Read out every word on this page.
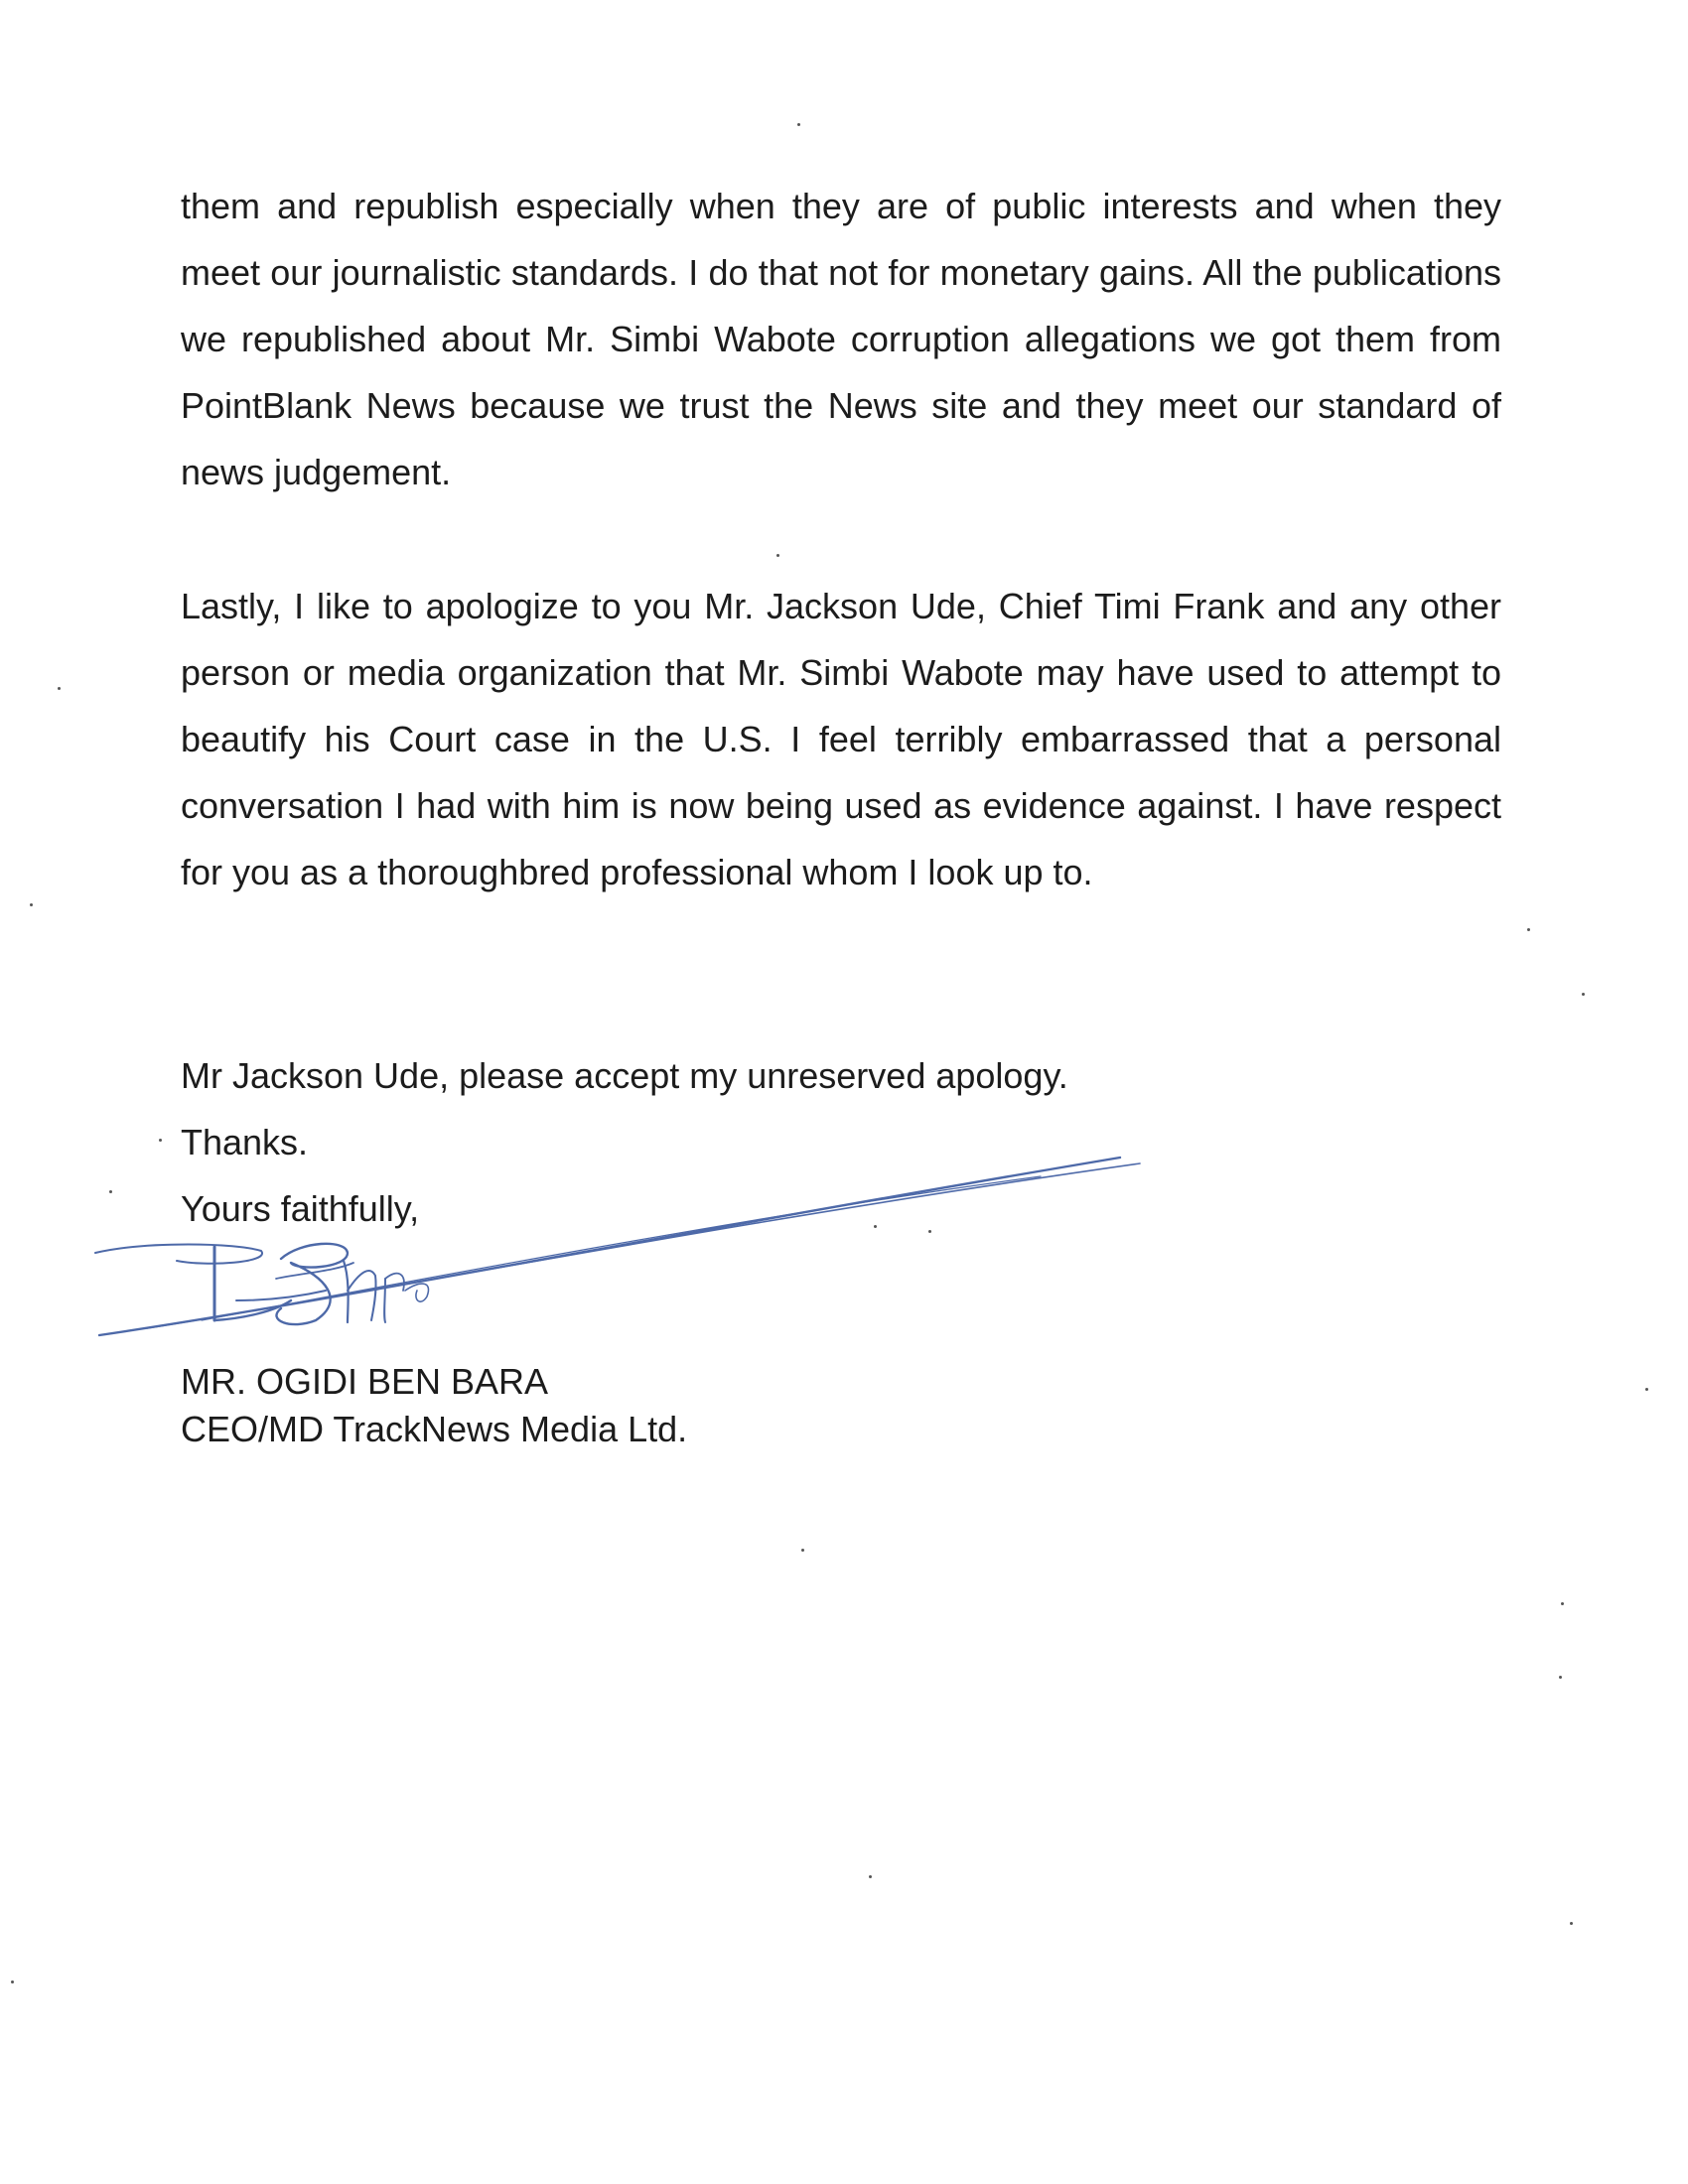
them and republish especially when they are of public interests and when they meet our journalistic standards. I do that not for monetary gains. All the publications we republished about Mr. Simbi Wabote corruption allegations we got them from PointBlank News because we trust the News site and they meet our standard of news judgement.

Lastly, I like to apologize to you Mr. Jackson Ude, Chief Timi Frank and any other person or media organization that Mr. Simbi Wabote may have used to attempt to beautify his Court case in the U.S. I feel terribly embarrassed that a personal conversation I had with him is now being used as evidence against. I have respect for you as a thoroughbred professional whom I look up to.

Mr Jackson Ude, please accept my unreserved apology.

Thanks.

Yours faithfully,

MR. OGIDI BEN BARA

CEO/MD TrackNews Media Ltd.
